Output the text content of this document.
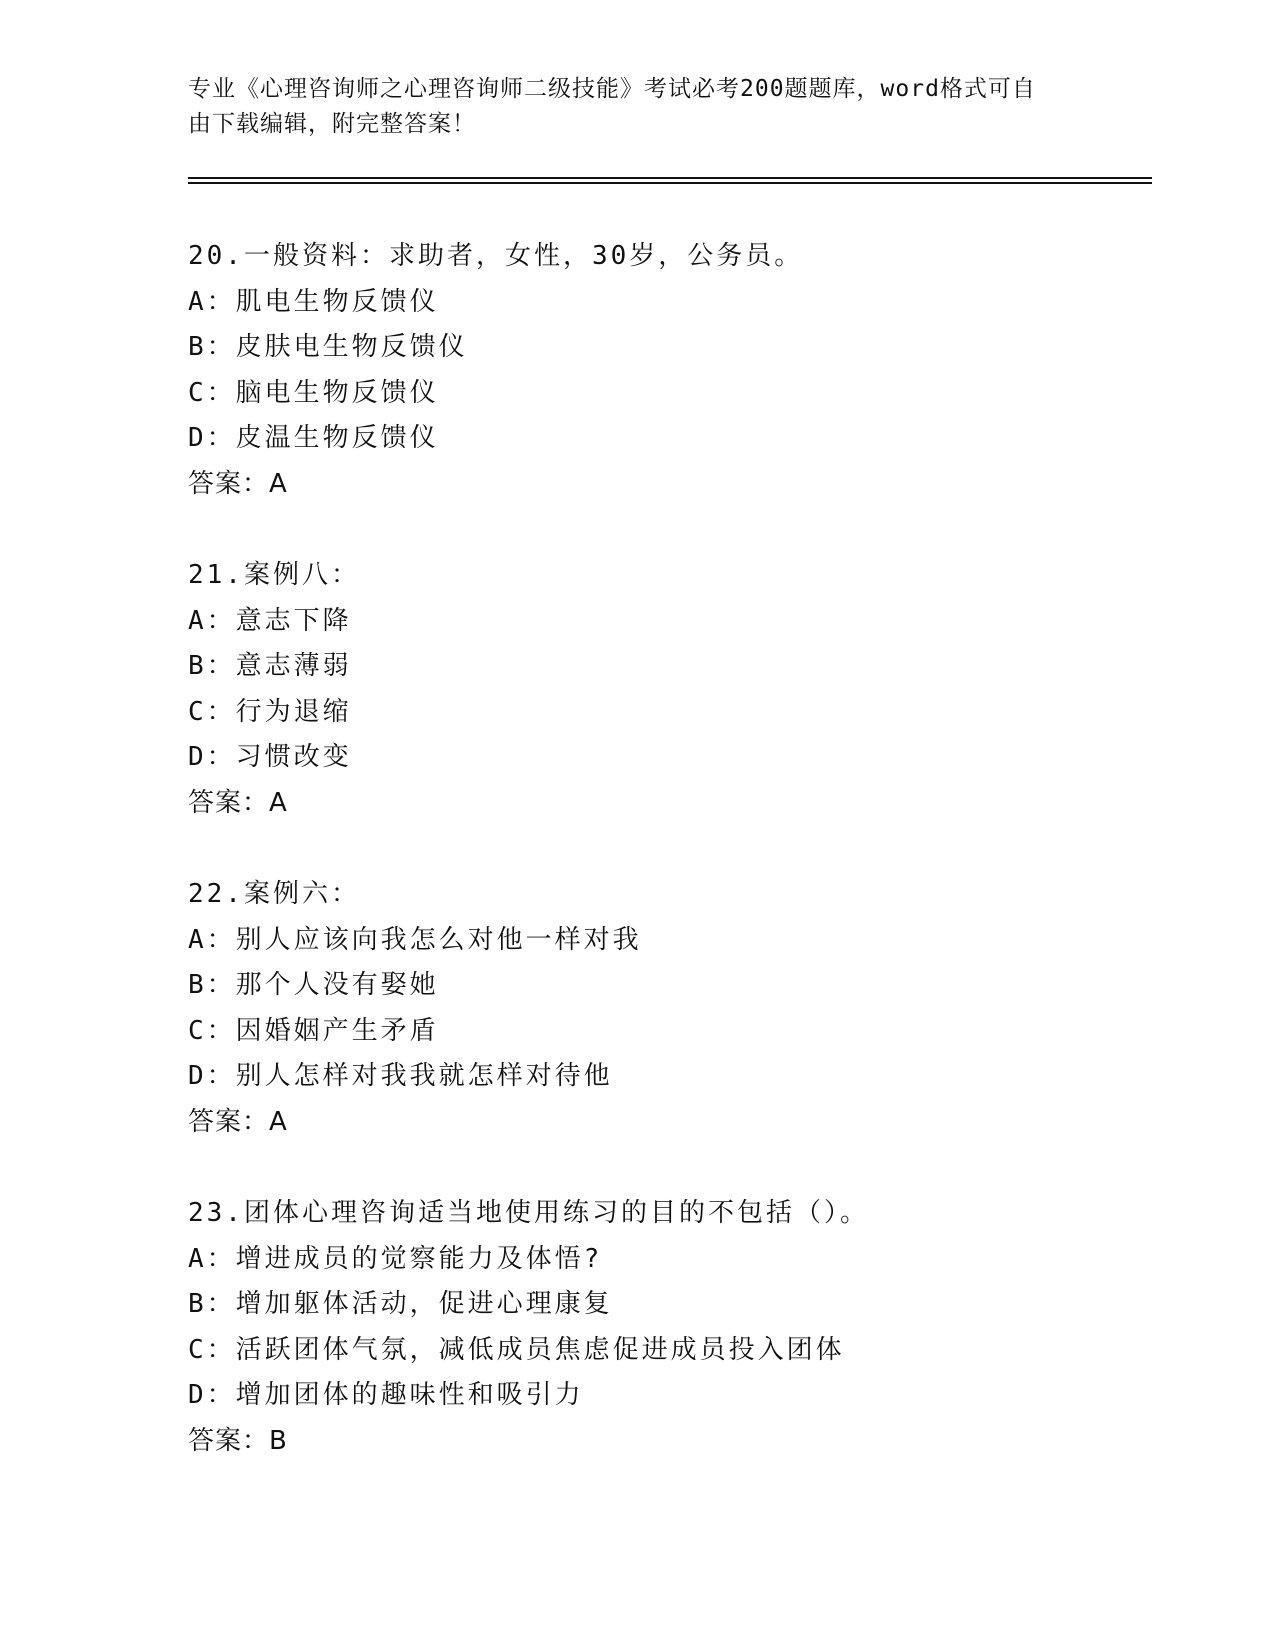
专业《心理咨询师之心理咨询师二级技能》考试必考200题题库，word格式可自
由下载编辑，附完整答案！
20.一般资料：求助者，女性，30岁，公务员。
A：肌电生物反馈仪
B：皮肤电生物反馈仪
C：脑电生物反馈仪
D：皮温生物反馈仪
答案：A
21.案例八：
A：意志下降
B：意志薄弱
C：行为退缩
D：习惯改变
答案：A
22.案例六：
A：别人应该向我怎么对他一样对我
B：那个人没有娶她
C：因婚姻产生矛盾
D：别人怎样对我我就怎样对待他
答案：A
23.团体心理咨询适当地使用练习的目的不包括（）。
A：增进成员的觉察能力及体悟?
B：增加躯体活动，促进心理康复
C：活跃团体气氛，减低成员焦虑促进成员投入团体
D：增加团体的趣味性和吸引力
答案：B
